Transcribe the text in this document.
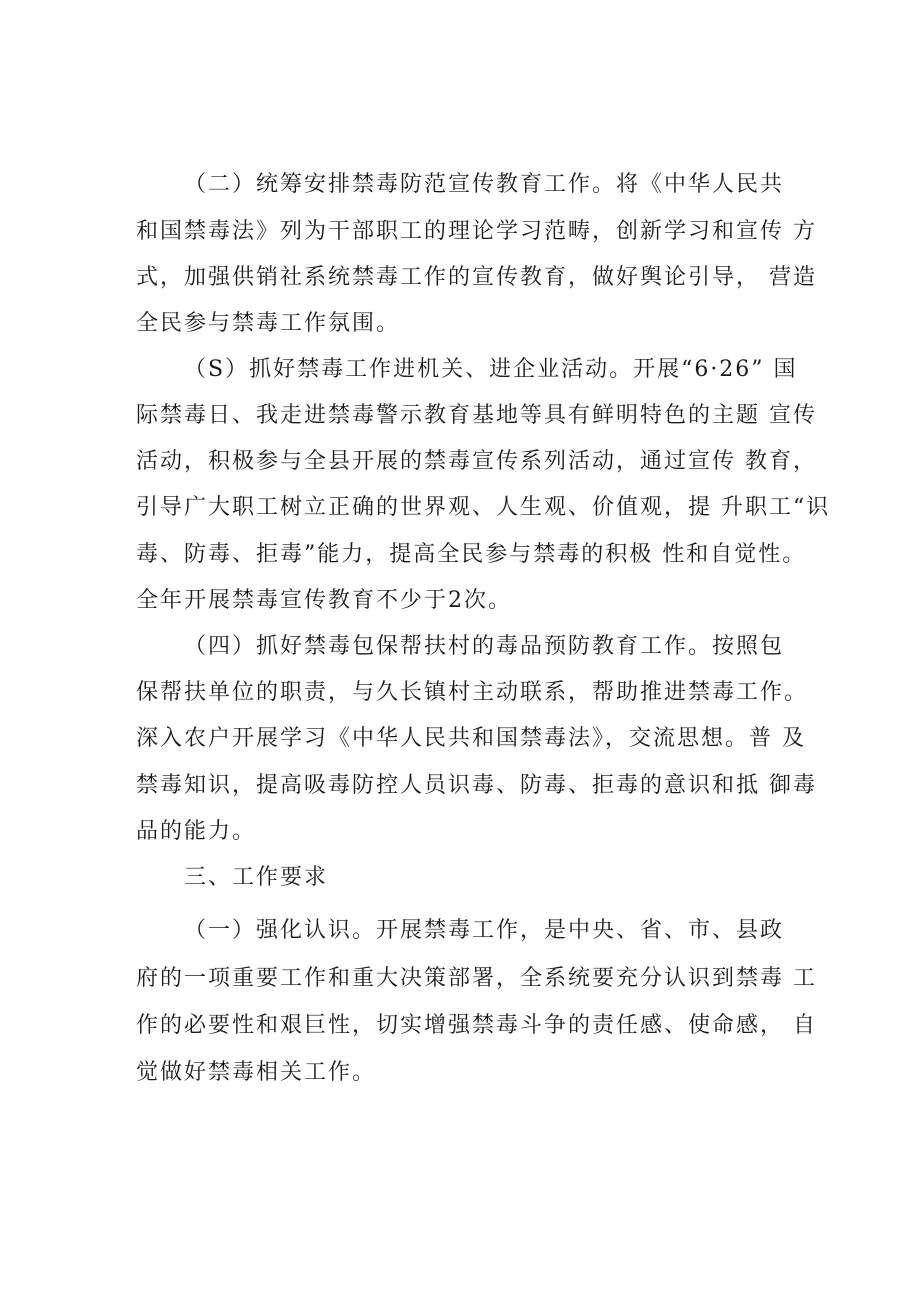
（二）统筹安排禁毒防范宣传教育工作。将《中华人民共

和国禁毒法》列为干部职工的理论学习范畴，创新学习和宣传 方

式，加强供销社系统禁毒工作的宣传教育，做好舆论引导， 营造

全民参与禁毒工作氛围。

（S）抓好禁毒工作进机关、进企业活动。开展“6·26” 国

际禁毒日、我走进禁毒警示教育基地等具有鲜明特色的主题 宣传

活动，积极参与全县开展的禁毒宣传系列活动，通过宣传 教育，

引导广大职工树立正确的世界观、人生观、价值观，提 升职工“识

毒、防毒、拒毒”能力，提高全民参与禁毒的积极 性和自觉性。

全年开展禁毒宣传教育不少于2次。

（四）抓好禁毒包保帮扶村的毒品预防教育工作。按照包

保帮扶单位的职责，与久长镇村主动联系，帮助推进禁毒工作。

深入农户开展学习《中华人民共和国禁毒法》，交流思想。普 及

禁毒知识，提高吸毒防控人员识毒、防毒、拒毒的意识和抵 御毒

品的能力。

三、工作要求

（一）强化认识。开展禁毒工作，是中央、省、市、县政

府的一项重要工作和重大决策部署，全系统要充分认识到禁毒 工

作的必要性和艰巨性，切实增强禁毒斗争的责任感、使命感， 自

觉做好禁毒相关工作。
